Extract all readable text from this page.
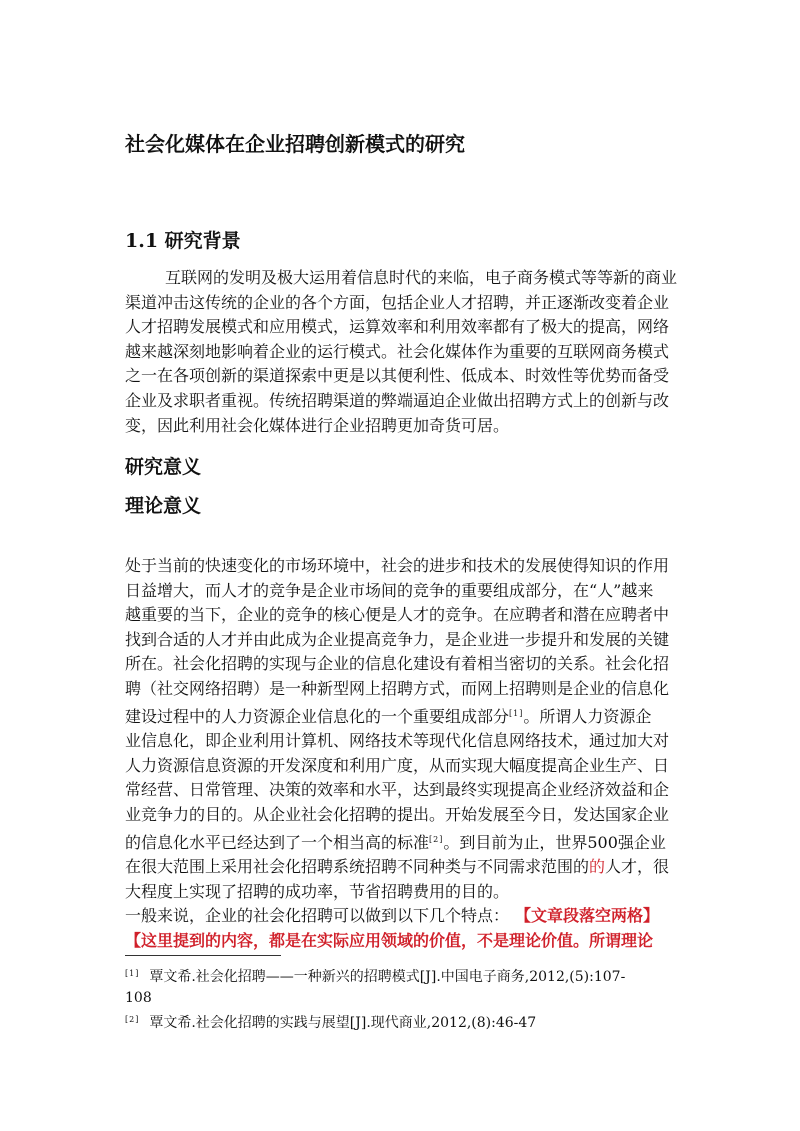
社会化媒体在企业招聘创新模式的研究
1.1 研究背景
互联网的发明及极大运用着信息时代的来临，电子商务模式等等新的商业
渠道冲击这传统的企业的各个方面，包括企业人才招聘，并正逐渐改变着企业
人才招聘发展模式和应用模式，运算效率和利用效率都有了极大的提高，网络
越来越深刻地影响着企业的运行模式。社会化媒体作为重要的互联网商务模式
之一在各项创新的渠道探索中更是以其便利性、低成本、时效性等优势而备受
企业及求职者重视。传统招聘渠道的弊端逼迫企业做出招聘方式上的创新与改
变，因此利用社会化媒体进行企业招聘更加奇货可居。
研究意义
理论意义
处于当前的快速变化的市场环境中，社会的进步和技术的发展使得知识的作用
日益增大，而人才的竞争是企业市场间的竞争的重要组成部分，在“人”越来
越重要的当下，企业的竞争的核心便是人才的竞争。在应聘者和潜在应聘者中
找到合适的人才并由此成为企业提高竞争力，是企业进一步提升和发展的关键
所在。社会化招聘的实现与企业的信息化建设有着相当密切的关系。社会化招
聘（社交网络招聘）是一种新型网上招聘方式，而网上招聘则是企业的信息化
建设过程中的人力资源企业信息化的一个重要组成部分[1]。所谓人力资源企
业信息化，即企业利用计算机、网络技术等现代化信息网络技术，通过加大对
人力资源信息资源的开发深度和利用广度，从而实现大幅度提高企业生产、日
常经营、日常管理、决策的效率和水平，达到最终实现提高企业经济效益和企
业竞争力的目的。从企业社会化招聘的提出。开始发展至今日，发达国家企业
的信息化水平已经达到了一个相当高的标准[2]。到目前为止，世界500强企业
在很大范围上采用社会化招聘系统招聘不同种类与不同需求范围的的人才，很
大程度上实现了招聘的成功率，节省招聘费用的目的。
一般来说，企业的社会化招聘可以做到以下几个特点： 【文章段落空两格】
【这里提到的内容，都是在实际应用领域的价值，不是理论价值。所谓理论
[1] 覃文希.社会化招聘——一种新兴的招聘模式[J].中国电子商务,2012,(5):107-
108
[2] 覃文希.社会化招聘的实践与展望[J].现代商业,2012,(8):46-47
